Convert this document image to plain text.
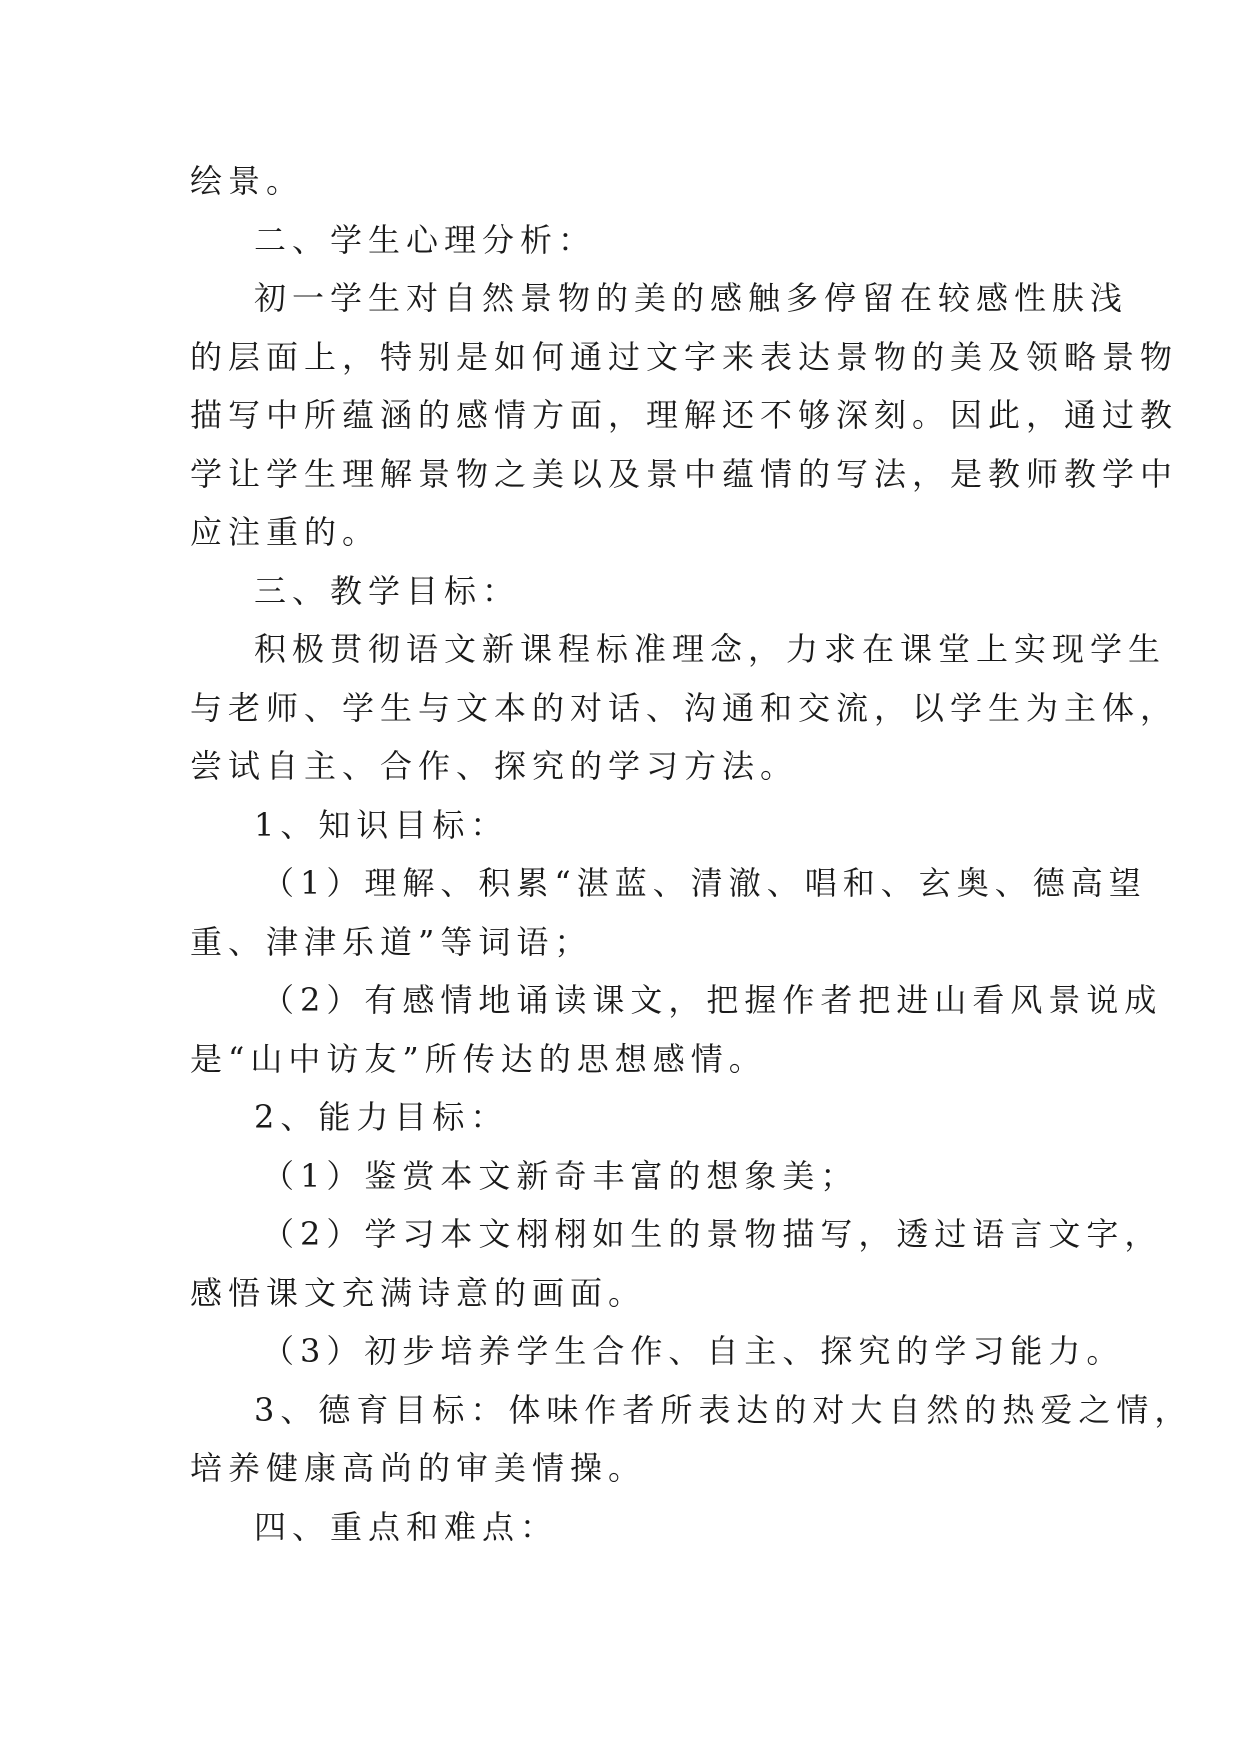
绘景。
二、学生心理分析：
初一学生对自然景物的美的感触多停留在较感性肤浅
的层面上，特别是如何通过文字来表达景物的美及领略景物
描写中所蕴涵的感情方面，理解还不够深刻。因此，通过教
学让学生理解景物之美以及景中蕴情的写法，是教师教学中
应注重的。
三、教学目标：
积极贯彻语文新课程标准理念，力求在课堂上实现学生
与老师、学生与文本的对话、沟通和交流，以学生为主体，
尝试自主、合作、探究的学习方法。
1、知识目标：
（1）理解、积累“湛蓝、清澈、唱和、玄奥、德高望
重、津津乐道”等词语；
（2）有感情地诵读课文，把握作者把进山看风景说成
是“山中访友”所传达的思想感情。
2、能力目标：
（1）鉴赏本文新奇丰富的想象美；
（2）学习本文栩栩如生的景物描写，透过语言文字，
感悟课文充满诗意的画面。
（3）初步培养学生合作、自主、探究的学习能力。
3、德育目标：体味作者所表达的对大自然的热爱之情，
培养健康高尚的审美情操。
四、重点和难点：
